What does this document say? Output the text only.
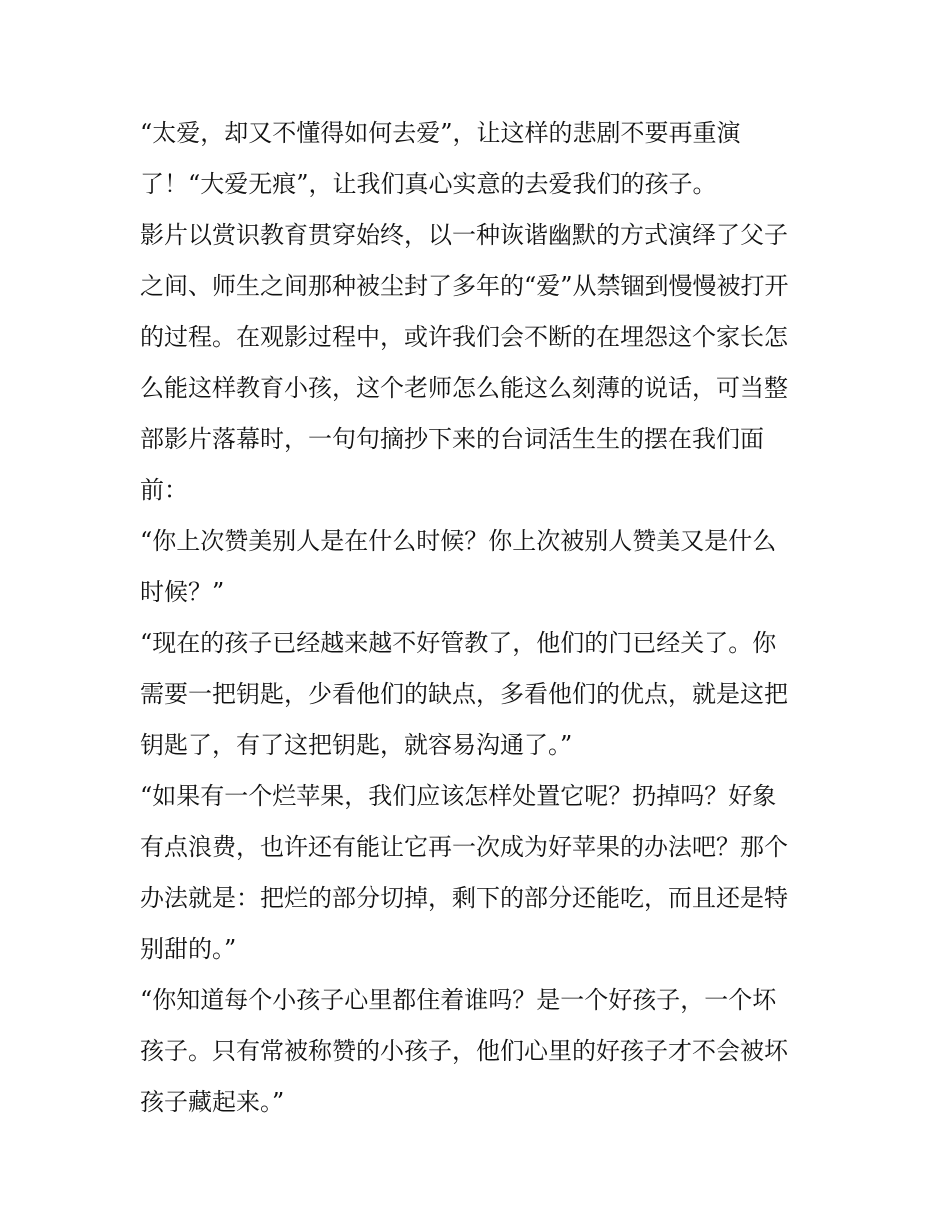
“太爱，却又不懂得如何去爱”，让这样的悲剧不要再重演
了！“大爱无痕”，让我们真心实意的去爱我们的孩子。
影片以赏识教育贯穿始终，以一种诙谐幽默的方式演绎了父子
之间、师生之间那种被尘封了多年的“爱”从禁锢到慢慢被打开
的过程。在观影过程中，或许我们会不断的在埋怨这个家长怎
么能这样教育小孩，这个老师怎么能这么刻薄的说话，可当整
部影片落幕时，一句句摘抄下来的台词活生生的摆在我们面
前：
“你上次赞美别人是在什么时候？你上次被别人赞美又是什么
时候？”
“现在的孩子已经越来越不好管教了，他们的门已经关了。你
需要一把钥匙，少看他们的缺点，多看他们的优点，就是这把
钥匙了，有了这把钥匙，就容易沟通了。”
“如果有一个烂苹果，我们应该怎样处置它呢？扔掉吗？好象
有点浪费，也许还有能让它再一次成为好苹果的办法吧？那个
办法就是：把烂的部分切掉，剩下的部分还能吃，而且还是特
别甜的。”
“你知道每个小孩子心里都住着谁吗？是一个好孩子，一个坏
孩子。只有常被称赞的小孩子，他们心里的好孩子才不会被坏
孩子藏起来。”
